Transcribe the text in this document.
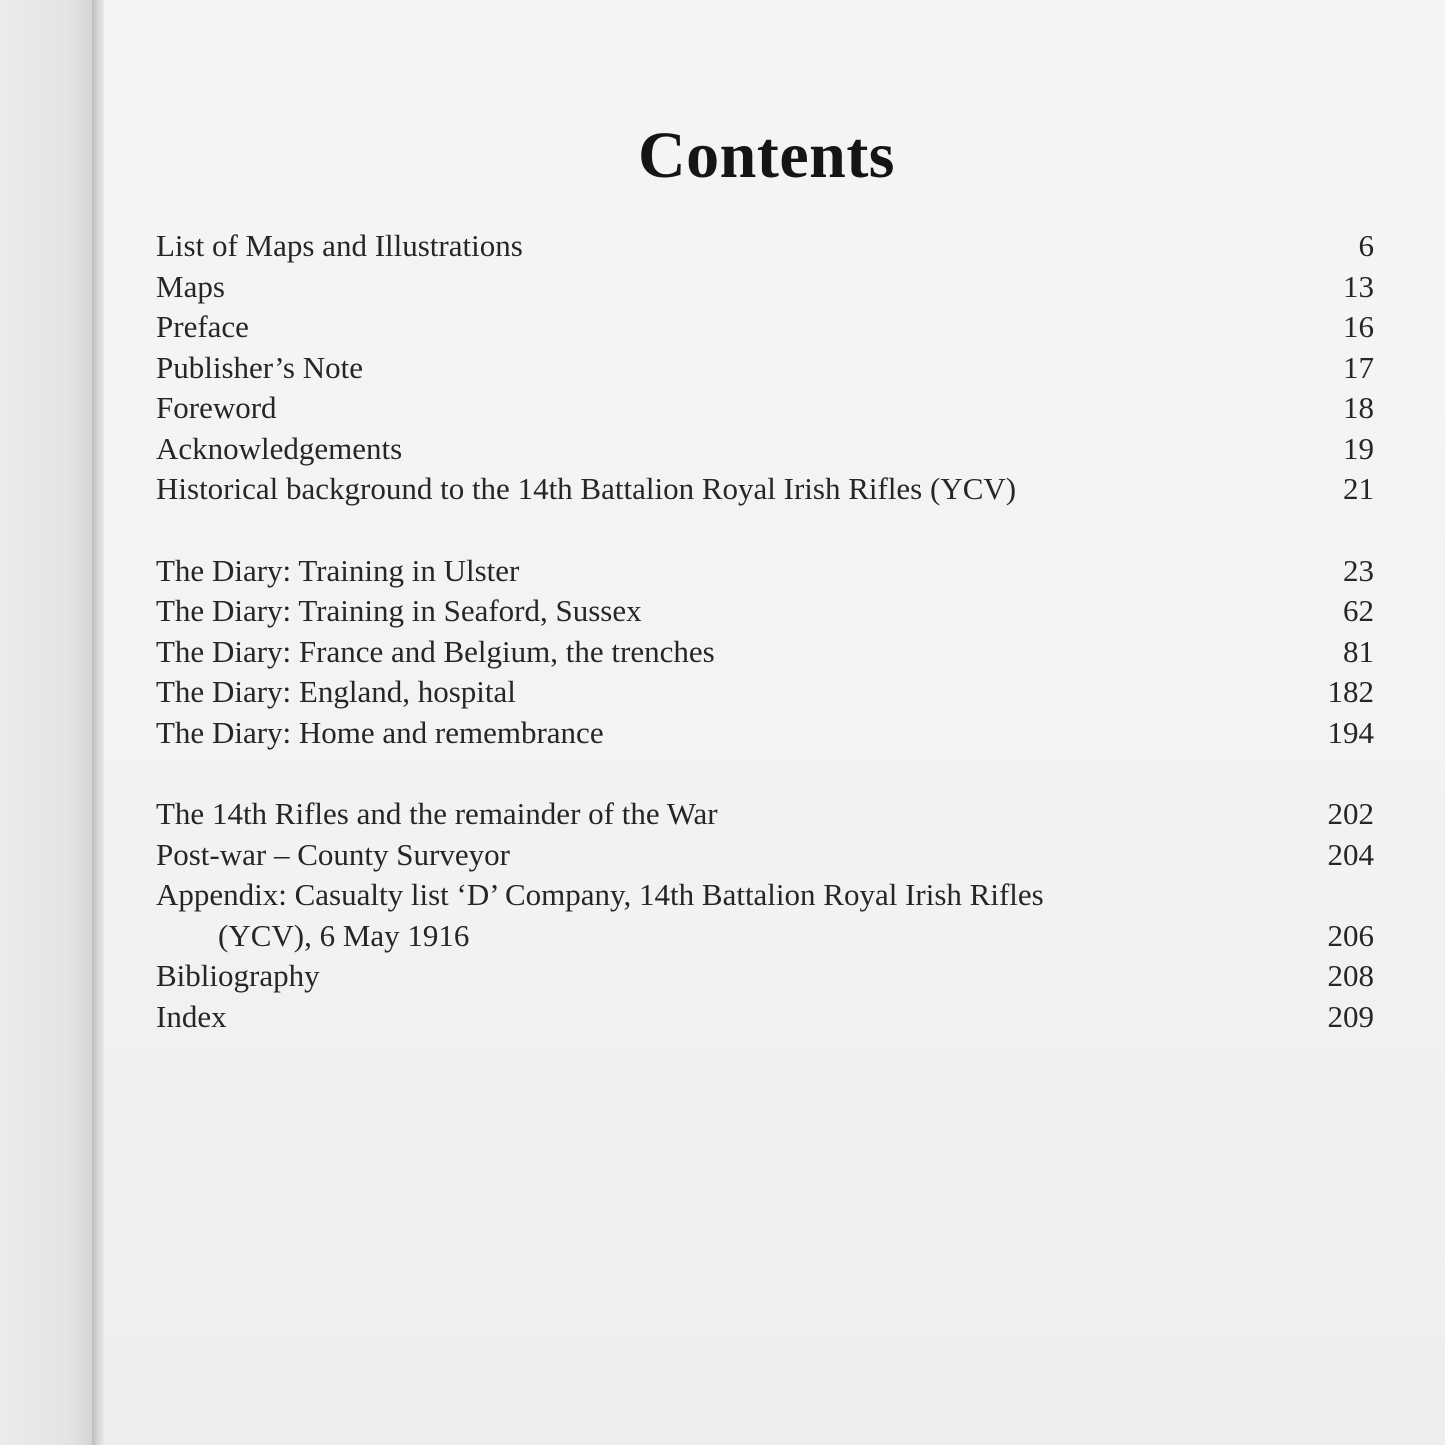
Contents
List of Maps and Illustrations	6
Maps	13
Preface	16
Publisher’s Note	17
Foreword	18
Acknowledgements	19
Historical background to the 14th Battalion Royal Irish Rifles (YCV)	21
The Diary: Training in Ulster	23
The Diary: Training in Seaford, Sussex	62
The Diary: France and Belgium, the trenches	81
The Diary: England, hospital	182
The Diary: Home and remembrance	194
The 14th Rifles and the remainder of the War	202
Post-war – County Surveyor	204
Appendix: Casualty list ‘D’ Company, 14th Battalion Royal Irish Rifles
(YCV), 6 May 1916	206
Bibliography	208
Index	209
